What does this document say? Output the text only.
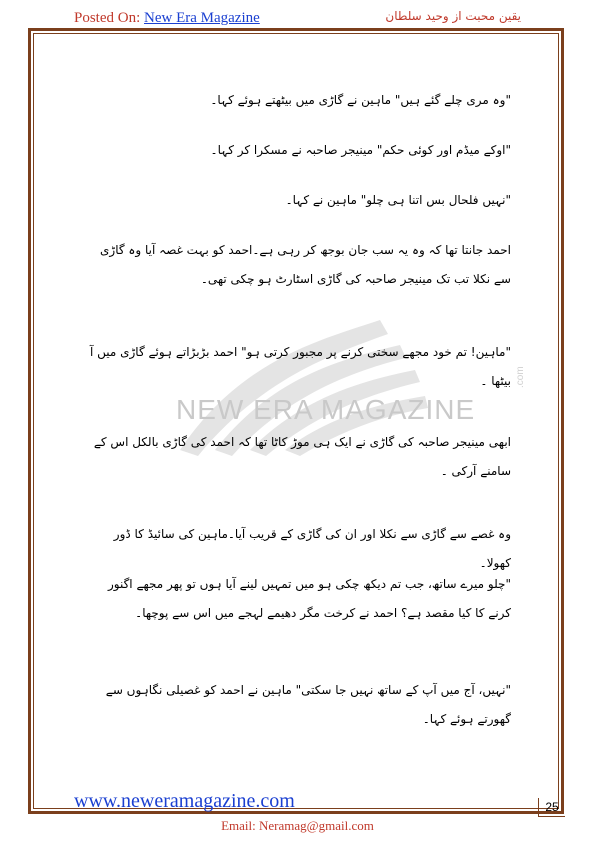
Posted On: New Era Magazine	یقین محبت از وحید سلطان
NEW ERA MAGAZINE
.com
"وہ مری چلے گئے ہیں" ماہین نے گاڑی میں بیٹھتے ہوئے کہا۔
"اوکے میڈم اور کوئی حکم" مینیجر صاحبہ نے مسکرا کر کہا۔
"نہیں فلحال بس اتنا ہی چلو" ماہین نے کہا۔
احمد جانتا تھا کہ وہ یہ سب جان بوجھ کر رہی ہے۔احمد کو بہت غصہ آیا وہ گاڑی سے نکلا تب تک مینیجر صاحبہ کی گاڑی اسٹارٹ ہو چکی تھی۔
"ماہین! تم خود مجھے سختی کرنے پر مجبور کرتی ہو" احمد بڑبڑاتے ہوئے گاڑی میں آ بیٹھا ۔
ابھی مینیجر صاحبہ کی گاڑی نے ایک ہی موڑ کاٹا تھا کہ احمد کی گاڑی بالکل اس کے سامنے آرکی ۔
وہ غصے سے گاڑی سے نکلا اور ان کی گاڑی کے قریب آیا۔ماہین کی سائیڈ کا ڈور کھولا۔
"چلو میرے ساتھ، جب تم دیکھ چکی ہو میں تمہیں لینے آیا ہوں تو پھر مجھے اگنور کرنے کا کیا مقصد ہے؟ احمد نے کرخت مگر دھیمے لہجے میں اس سے پوچھا۔
"نہیں، آج میں آپ کے ساتھ نہیں جا سکتی" ماہین نے احمد کو غصیلی نگاہوں سے گھورتے ہوئے کہا۔
www.neweramagazine.com	25
Email: Neramag@gmail.com
